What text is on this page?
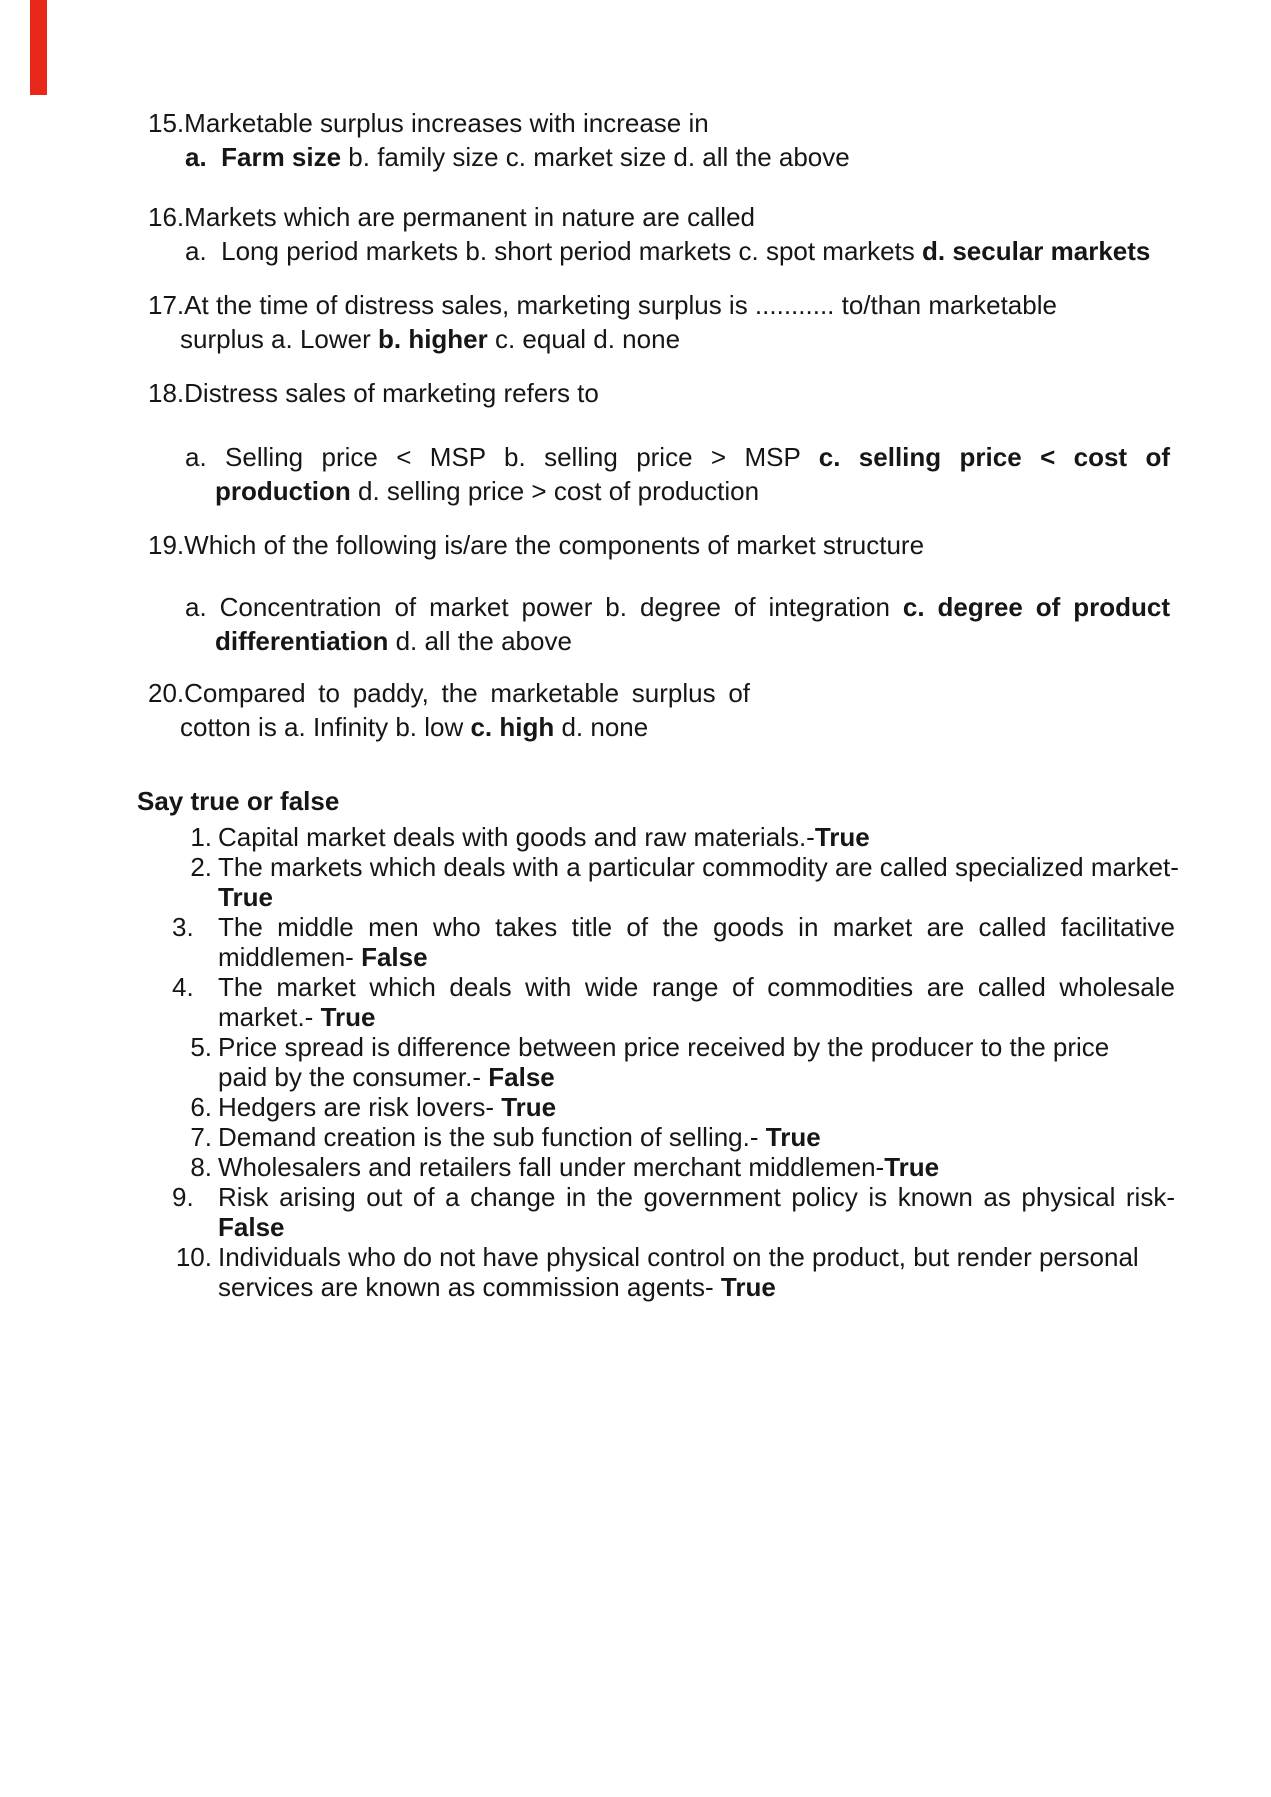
15.Marketable surplus increases with increase in
a.  Farm size b. family size c. market size d. all the above
16.Markets which are permanent in nature are called
a.  Long period markets b. short period markets c. spot markets d. secular markets
17.At the time of distress sales, marketing surplus is ........... to/than marketable
surplus a. Lower b. higher c. equal d. none
18.Distress sales of marketing refers to
a. Selling price < MSP b. selling price > MSP c. selling price < cost of
production d. selling price > cost of production
19.Which of the following is/are the components of market structure
a. Concentration of market power b. degree of integration c. degree of product
differentiation d. all the above
20.Compared to paddy, the marketable surplus of
cotton is a. Infinity b. low c. high d. none
Say true or false
1. Capital market deals with goods and raw materials.-True
2. The markets which deals with a particular commodity are called specialized market-
True
3. The middle men who takes title of the goods in market are called facilitative
middlemen- False
4. The market which deals with wide range of commodities are called wholesale
market.- True
5. Price spread is difference between price received by the producer to the price
paid by the consumer.- False
6. Hedgers are risk lovers- True
7. Demand creation is the sub function of selling.- True
8. Wholesalers and retailers fall under merchant middlemen-True
9. Risk arising out of a change in the government policy is known as physical risk-
False
10. Individuals who do not have physical control on the product, but render personal
services are known as commission agents- True
